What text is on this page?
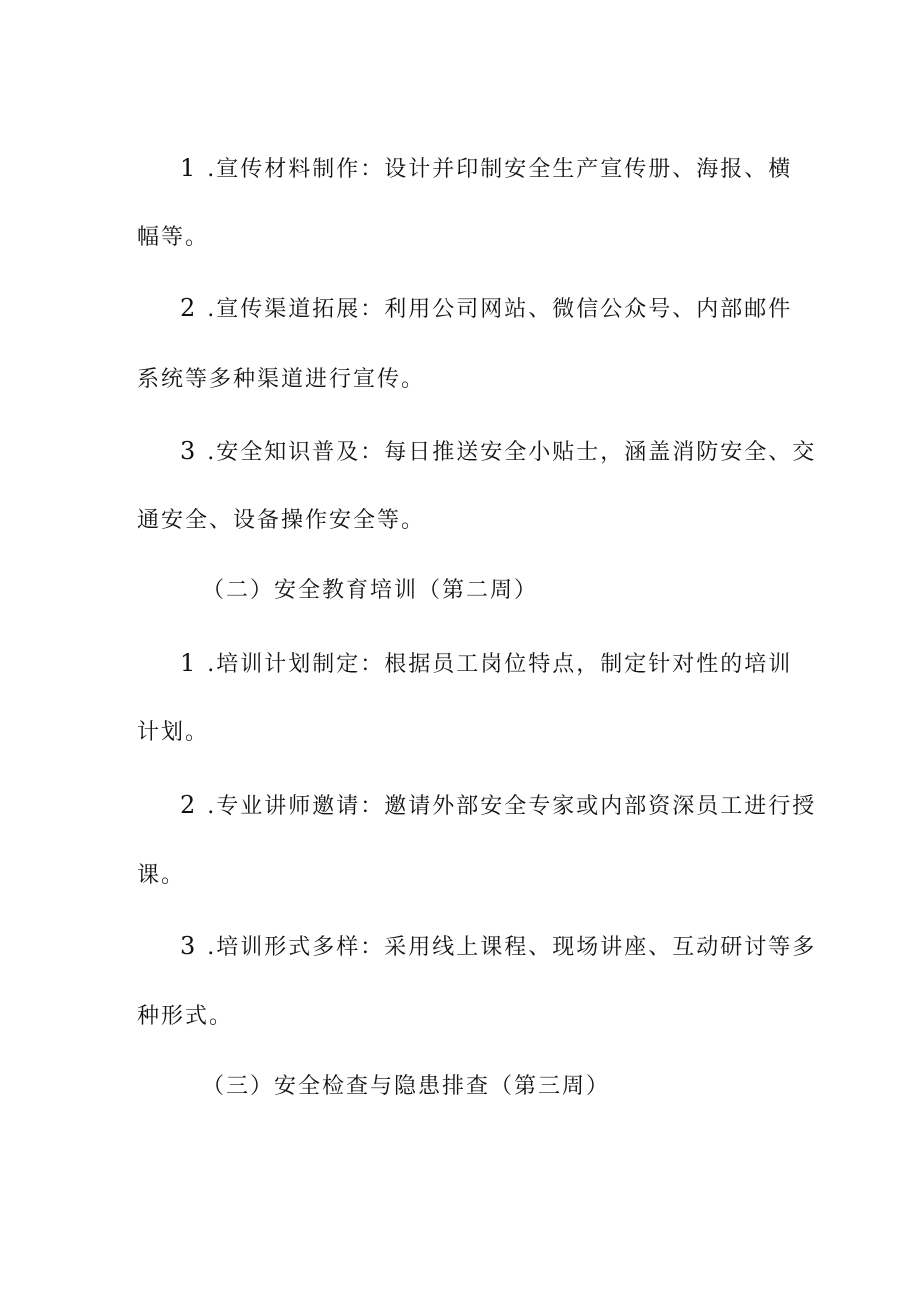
1 .宣传材料制作：设计并印制安全生产宣传册、海报、横
幅等。
2 .宣传渠道拓展：利用公司网站、微信公众号、内部邮件
系统等多种渠道进行宣传。
3 .安全知识普及：每日推送安全小贴士，涵盖消防安全、交
通安全、设备操作安全等。
（二）安全教育培训（第二周）
1 .培训计划制定：根据员工岗位特点，制定针对性的培训
计划。
2 .专业讲师邀请：邀请外部安全专家或内部资深员工进行授
课。
3 .培训形式多样：采用线上课程、现场讲座、互动研讨等多
种形式。
（三）安全检查与隐患排查（第三周）
